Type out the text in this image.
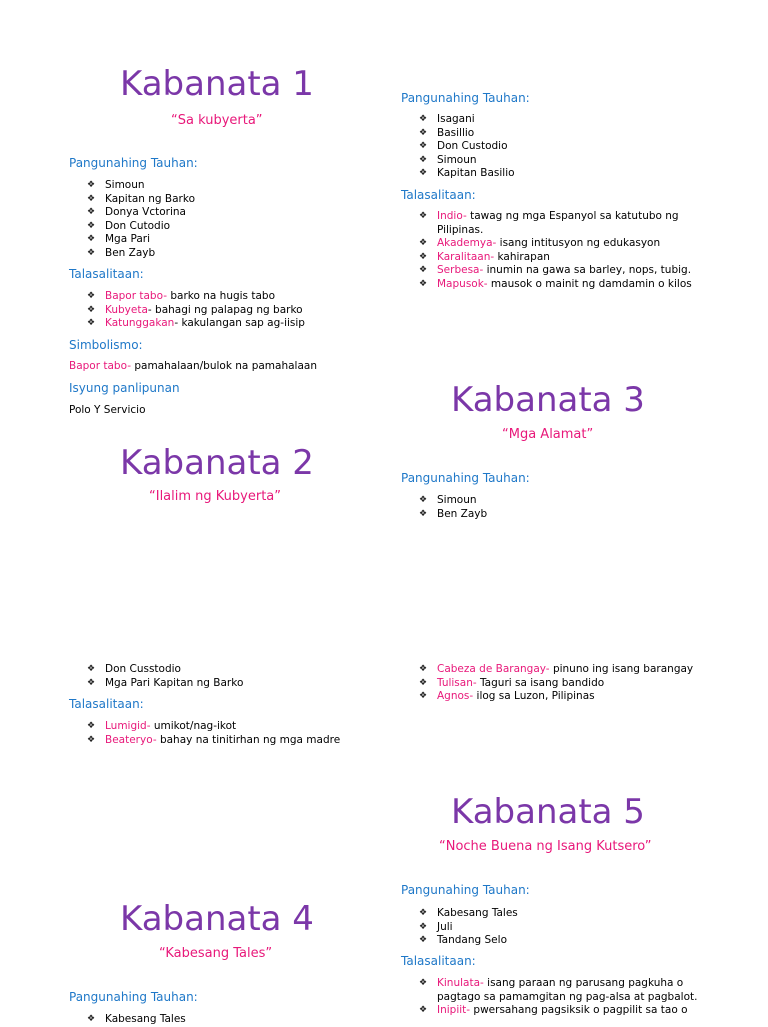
Kabanata 1
“Sa kubyerta”
Pangunahing Tauhan:
❖ Simoun
❖ Kapitan ng Barko
❖ Donya Vctorina
❖ Don Cutodio
❖ Mga Pari
❖ Ben Zayb
Talasalitaan:
❖ Bapor tabo- barko na hugis tabo
❖ Kubyeta- bahagi ng palapag ng barko
❖ Katunggakan- kakulangan sap ag-iisip
Simbolismo:
Bapor tabo- pamahalaan/bulok na pamahalaan
Isyung panlipunan
Polo Y Servicio
Kabanata 2
“Ilalim ng Kubyerta”
❖ Don Cusstodio
❖ Mga Pari Kapitan ng Barko
Talasalitaan:
❖ Lumigid- umikot/nag-ikot
❖ Beateryo- bahay na tinitirhan ng mga madre
Kabanata 4
“Kabesang Tales”
Pangunahing Tauhan:
❖ Kabesang Tales
Pangunahing Tauhan:
❖ Isagani
❖ Basillio
❖ Don Custodio
❖ Simoun
❖ Kapitan Basilio
Talasalitaan:
❖ Indio- tawag ng mga Espanyol sa katutubo ng Pilipinas.
❖ Akademya- isang intitusyon ng edukasyon
❖ Karalitaan- kahirapan
❖ Serbesa- inumin na gawa sa barley, nops, tubig.
❖ Mapusok- mausok o mainit ng damdamin o kilos
Kabanata 3
“Mga Alamat”
Pangunahing Tauhan:
❖ Simoun
❖ Ben Zayb
❖ Cabeza de Barangay- pinuno ing isang barangay
❖ Tulisan- Taguri sa isang bandido
❖ Agnos- ilog sa Luzon, Pilipinas
Kabanata 5
“Noche Buena ng Isang Kutsero”
Pangunahing Tauhan:
❖ Kabesang Tales
❖ Juli
❖ Tandang Selo
Talasalitaan:
❖ Kinulata- isang paraan ng parusang pagkuha o pagtago sa pamamgitan ng pag-alsa at pagbalot.
❖ Inipiit- pwersahang pagsiksik o pagpilit sa tao o
